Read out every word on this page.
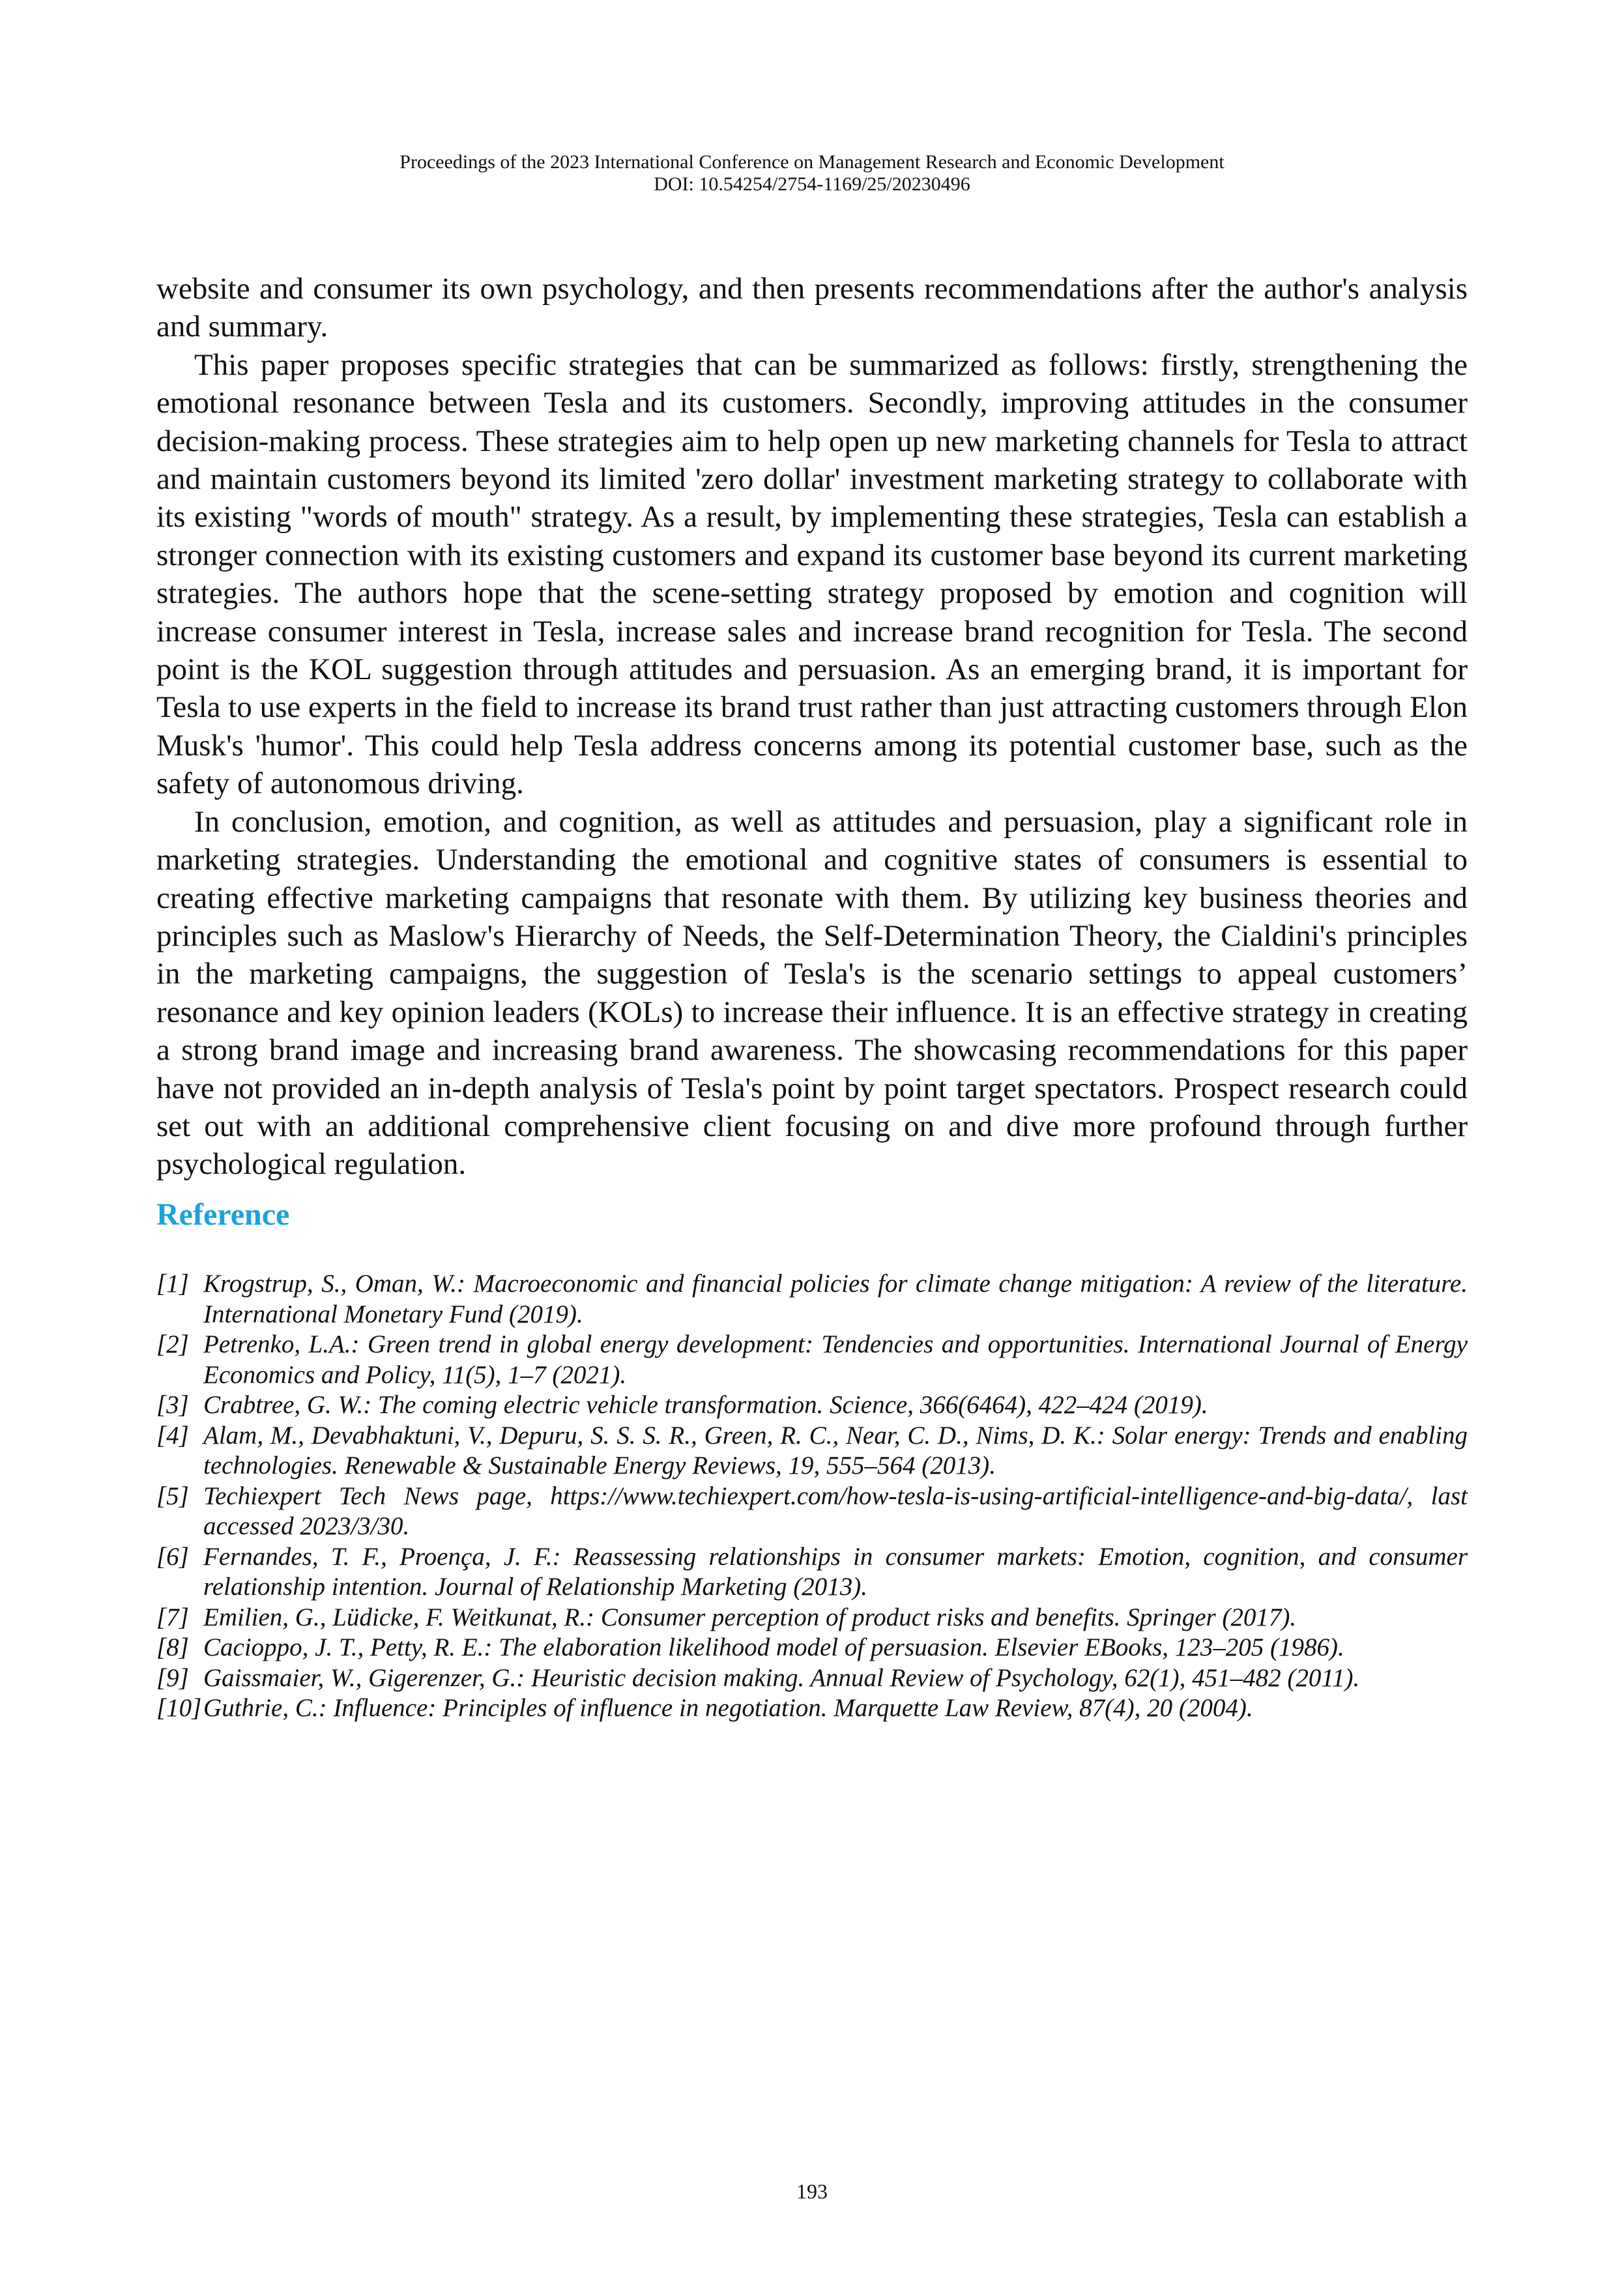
Proceedings of the 2023 International Conference on Management Research and Economic Development
DOI: 10.54254/2754-1169/25/20230496

website and consumer its own psychology, and then presents recommendations after the author's analysis and summary.

This paper proposes specific strategies that can be summarized as follows: firstly, strengthening the emotional resonance between Tesla and its customers. Secondly, improving attitudes in the consumer decision-making process. These strategies aim to help open up new marketing channels for Tesla to attract and maintain customers beyond its limited 'zero dollar' investment marketing strategy to collaborate with its existing "words of mouth" strategy. As a result, by implementing these strategies, Tesla can establish a stronger connection with its existing customers and expand its customer base beyond its current marketing strategies. The authors hope that the scene-setting strategy proposed by emotion and cognition will increase consumer interest in Tesla, increase sales and increase brand recognition for Tesla. The second point is the KOL suggestion through attitudes and persuasion. As an emerging brand, it is important for Tesla to use experts in the field to increase its brand trust rather than just attracting customers through Elon Musk's 'humor'. This could help Tesla address concerns among its potential customer base, such as the safety of autonomous driving.

In conclusion, emotion, and cognition, as well as attitudes and persuasion, play a significant role in marketing strategies. Understanding the emotional and cognitive states of consumers is essential to creating effective marketing campaigns that resonate with them. By utilizing key business theories and principles such as Maslow's Hierarchy of Needs, the Self-Determination Theory, the Cialdini's principles in the marketing campaigns, the suggestion of Tesla's is the scenario settings to appeal customers’ resonance and key opinion leaders (KOLs) to increase their influence. It is an effective strategy in creating a strong brand image and increasing brand awareness. The showcasing recommendations for this paper have not provided an in-depth analysis of Tesla's point by point target spectators. Prospect research could set out with an additional comprehensive client focusing on and dive more profound through further psychological regulation.

Reference
[1] Krogstrup, S., Oman, W.: Macroeconomic and financial policies for climate change mitigation: A review of the literature. International Monetary Fund (2019).
[2] Petrenko, L.A.: Green trend in global energy development: Tendencies and opportunities. International Journal of Energy Economics and Policy, 11(5), 1–7 (2021).
[3] Crabtree, G. W.: The coming electric vehicle transformation. Science, 366(6464), 422–424 (2019).
[4] Alam, M., Devabhaktuni, V., Depuru, S. S. S. R., Green, R. C., Near, C. D., Nims, D. K.: Solar energy: Trends and enabling technologies. Renewable & Sustainable Energy Reviews, 19, 555–564 (2013).
[5] Techiexpert Tech News page, https://www.techiexpert.com/how-tesla-is-using-artificial-intelligence-and-big-data/, last accessed 2023/3/30.
[6] Fernandes, T. F., Proença, J. F.: Reassessing relationships in consumer markets: Emotion, cognition, and consumer relationship intention. Journal of Relationship Marketing (2013).
[7] Emilien, G., Lüdicke, F. Weitkunat, R.: Consumer perception of product risks and benefits. Springer (2017).
[8] Cacioppo, J. T., Petty, R. E.: The elaboration likelihood model of persuasion. Elsevier EBooks, 123–205 (1986).
[9] Gaissmaier, W., Gigerenzer, G.: Heuristic decision making. Annual Review of Psychology, 62(1), 451–482 (2011).
[10] Guthrie, C.: Influence: Principles of influence in negotiation. Marquette Law Review, 87(4), 20 (2004).
193
